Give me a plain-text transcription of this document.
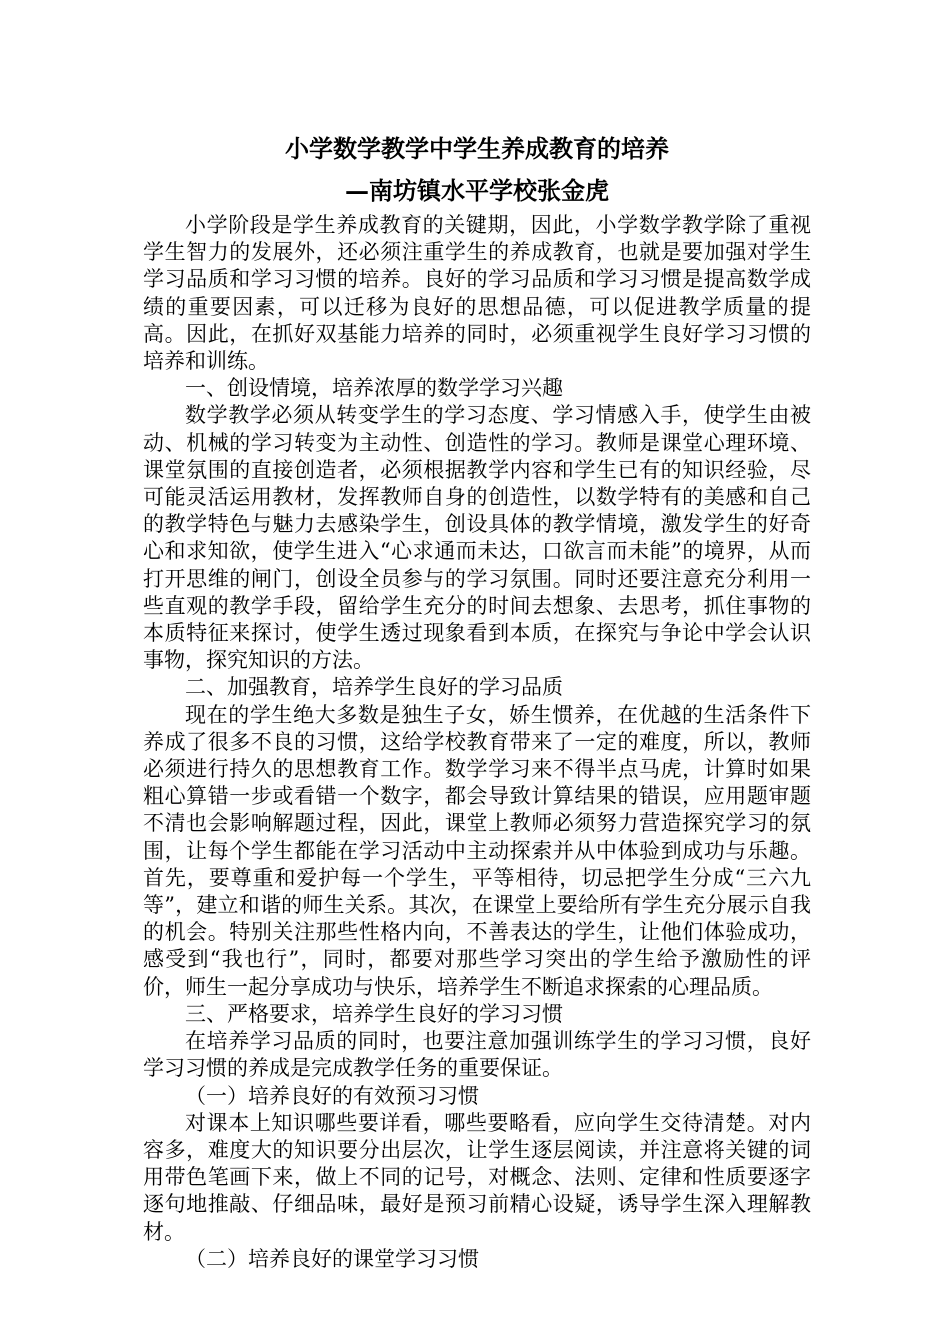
小学数学教学中学生养成教育的培养
—南坊镇水平学校张金虎

小学阶段是学生养成教育的关键期，因此，小学数学教学除了重视学生智力的发展外，还必须注重学生的养成教育，也就是要加强对学生学习品质和学习习惯的培养。良好的学习品质和学习习惯是提高数学成绩的重要因素，可以迁移为良好的思想品德，可以促进教学质量的提高。因此，在抓好双基能力培养的同时，必须重视学生良好学习习惯的培养和训练。

一、创设情境，培养浓厚的数学学习兴趣

数学教学必须从转变学生的学习态度、学习情感入手，使学生由被动、机械的学习转变为主动性、创造性的学习。教师是课堂心理环境、课堂氛围的直接创造者，必须根据教学内容和学生已有的知识经验，尽可能灵活运用教材，发挥教师自身的创造性，以数学特有的美感和自己的教学特色与魅力去感染学生，创设具体的教学情境，激发学生的好奇心和求知欲，使学生进入“心求通而未达，口欲言而未能”的境界，从而打开思维的闸门，创设全员参与的学习氛围。同时还要注意充分利用一些直观的教学手段，留给学生充分的时间去想象、去思考，抓住事物的本质特征来探讨，使学生透过现象看到本质，在探究与争论中学会认识事物，探究知识的方法。

二、加强教育，培养学生良好的学习品质

现在的学生绝大多数是独生子女，娇生惯养，在优越的生活条件下养成了很多不良的习惯，这给学校教育带来了一定的难度，所以，教师必须进行持久的思想教育工作。数学学习来不得半点马虎，计算时如果粗心算错一步或看错一个数字，都会导致计算结果的错误，应用题审题不清也会影响解题过程，因此，课堂上教师必须努力营造探究学习的氛围，让每个学生都能在学习活动中主动探索并从中体验到成功与乐趣。首先，要尊重和爱护每一个学生，平等相待，切忌把学生分成“三六九等”，建立和谐的师生关系。其次，在课堂上要给所有学生充分展示自我的机会。特别关注那些性格内向，不善表达的学生，让他们体验成功，感受到“我也行”，同时，都要对那些学习突出的学生给予激励性的评价，师生一起分享成功与快乐，培养学生不断追求探索的心理品质。

三、严格要求，培养学生良好的学习习惯

在培养学习品质的同时，也要注意加强训练学生的学习习惯，良好学习习惯的养成是完成教学任务的重要保证。

（一）培养良好的有效预习习惯

对课本上知识哪些要详看，哪些要略看，应向学生交待清楚。对内容多，难度大的知识要分出层次，让学生逐层阅读，并注意将关键的词用带色笔画下来，做上不同的记号，对概念、法则、定律和性质要逐字逐句地推敲、仔细品味，最好是预习前精心设疑，诱导学生深入理解教材。

（二）培养良好的课堂学习习惯
